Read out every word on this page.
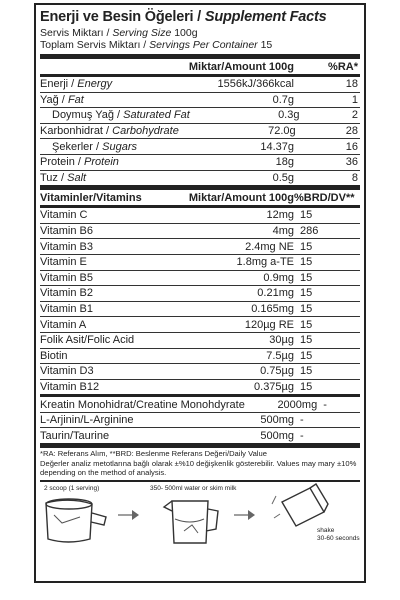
Enerji ve Besin Öğeleri / Supplement Facts
Servis Miktarı / Serving Size 100g
Toplam Servis Miktarı / Servings Per Container 15
Miktar/Amount 100g	%RA*
Enerji / Energy	1556kJ/366kcal	18
Yağ / Fat	0.7g	1
Doymuş Yağ / Saturated Fat	0.3g	2
Karbonhidrat / Carbohydrate	72.0g	28
Şekerler / Sugars	14.37g	16
Protein / Protein	18g	36
Tuz / Salt	0.5g	8
Vitaminler/Vitamins	Miktar/Amount 100g %BRD/DV**
Vitamin C	12mg 15
Vitamin B6	4mg 286
Vitamin B3	2.4mg NE 15
Vitamin E	1.8mg a-TE 15
Vitamin B5	0.9mg 15
Vitamin B2	0.21mg 15
Vitamin B1	0.165mg 15
Vitamin A	120µg RE 15
Folik Asit/Folic Acid	30µg 15
Biotin	7.5µg 15
Vitamin D3	0.75µg 15
Vitamin B12	0.375µg 15
Kreatin Monohidrat/Creatine Monohdyrate	2000mg -
L-Arjinin/L-Arginine	500mg -
Taurin/Taurine	500mg -
*RA: Referans Alım, **BRD: Beslenme Referans Değeri/Daily Value
Değerler analiz metotlarına bağlı olarak ±%10 değişkenlik gösterebilir. Values may mary ±10%
depending on the method of analysis.
2 scoop (1 serving)	350- 500ml water or skim milk
shake
30-60 seconds
